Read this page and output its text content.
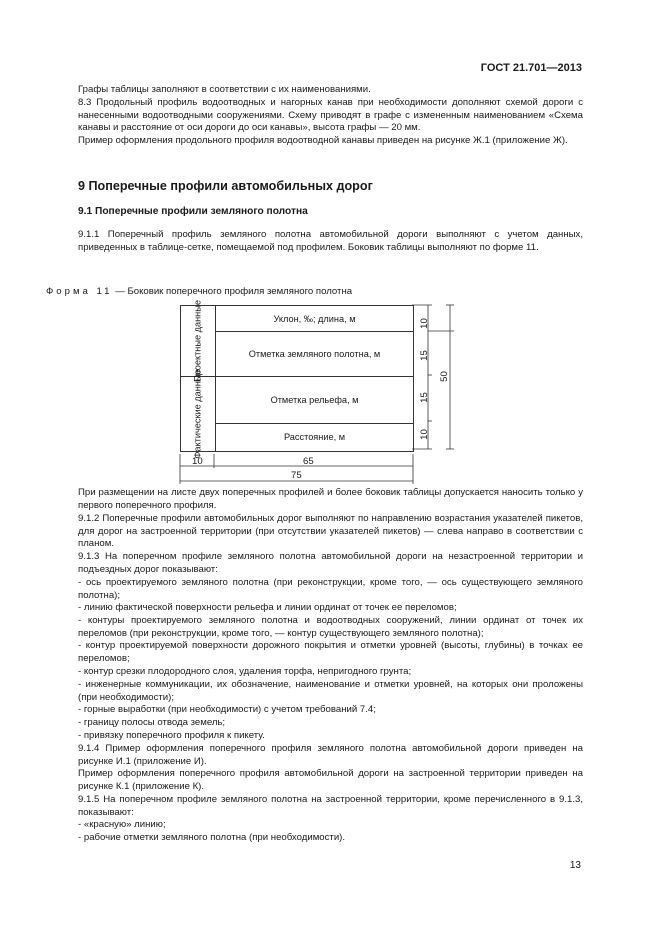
ГОСТ 21.701—2013

Графы таблицы заполняют в соответствии с их наименованиями.

8.3 Продольный профиль водоотводных и нагорных канав при необходимости дополняют схемой дороги с нанесенными водоотводными сооружениями. Схему приводят в графе с измененным наименованием «Схема канавы и расстояние от оси дороги до оси канавы», высота графы — 20 мм.

Пример оформления продольного профиля водоотводной канавы приведен на рисунке Ж.1 (приложение Ж).

9 Поперечные профили автомобильных дорог
9.1 Поперечные профили земляного полотна

9.1.1 Поперечный профиль земляного полотна автомобильной дороги выполняют с учетом данных, приведенных в таблице-сетке, помещаемой под профилем. Боковик таблицы выполняют по форме 11.

Форма 11 — Боковик поперечного профиля земляного полотна
Проектные данные	Уклон, ‰; длина, м
	Отметка земляного полотна, м

Фактические данные	Отметка рельефа, м
	Расстояние, м
10
15
15
10
50
10	65
75

При размещении на листе двух поперечных профилей и более боковик таблицы допускается наносить только у первого поперечного профиля.

9.1.2 Поперечные профили автомобильных дорог выполняют по направлению возрастания указателей пикетов, для дорог на застроенной территории (при отсутствии указателей пикетов) — слева направо в соответствии с планом.

9.1.3 На поперечном профиле земляного полотна автомобильной дороги на незастроенной территории и подъездных дорог показывают:

- ось проектируемого земляного полотна (при реконструкции, кроме того, — ось существующего земляного полотна);

- линию фактической поверхности рельефа и линии ординат от точек ее переломов;

- контуры проектируемого земляного полотна и водоотводных сооружений, линии ординат от точек их переломов (при реконструкции, кроме того, — контур существующего земляного полотна);

- контур проектируемой поверхности дорожного покрытия и отметки уровней (высоты, глубины) в точках ее переломов;

- контур срезки плодородного слоя, удаления торфа, непригодного грунта;

- инженерные коммуникации, их обозначение, наименование и отметки уровней, на которых они проложены (при необходимости);

- горные выработки (при необходимости) с учетом требований 7.4;

- границу полосы отвода земель;

- привязку поперечного профиля к пикету.

9.1.4 Пример оформления поперечного профиля земляного полотна автомобильной дороги приведен на рисунке И.1 (приложение И).

Пример оформления поперечного профиля автомобильной дороги на застроенной территории приведен на рисунке К.1 (приложение К).

9.1.5 На поперечном профиле земляного полотна на застроенной территории, кроме перечисленного в 9.1.3, показывают:

- «красную» линию;

- рабочие отметки земляного полотна (при необходимости).

13
